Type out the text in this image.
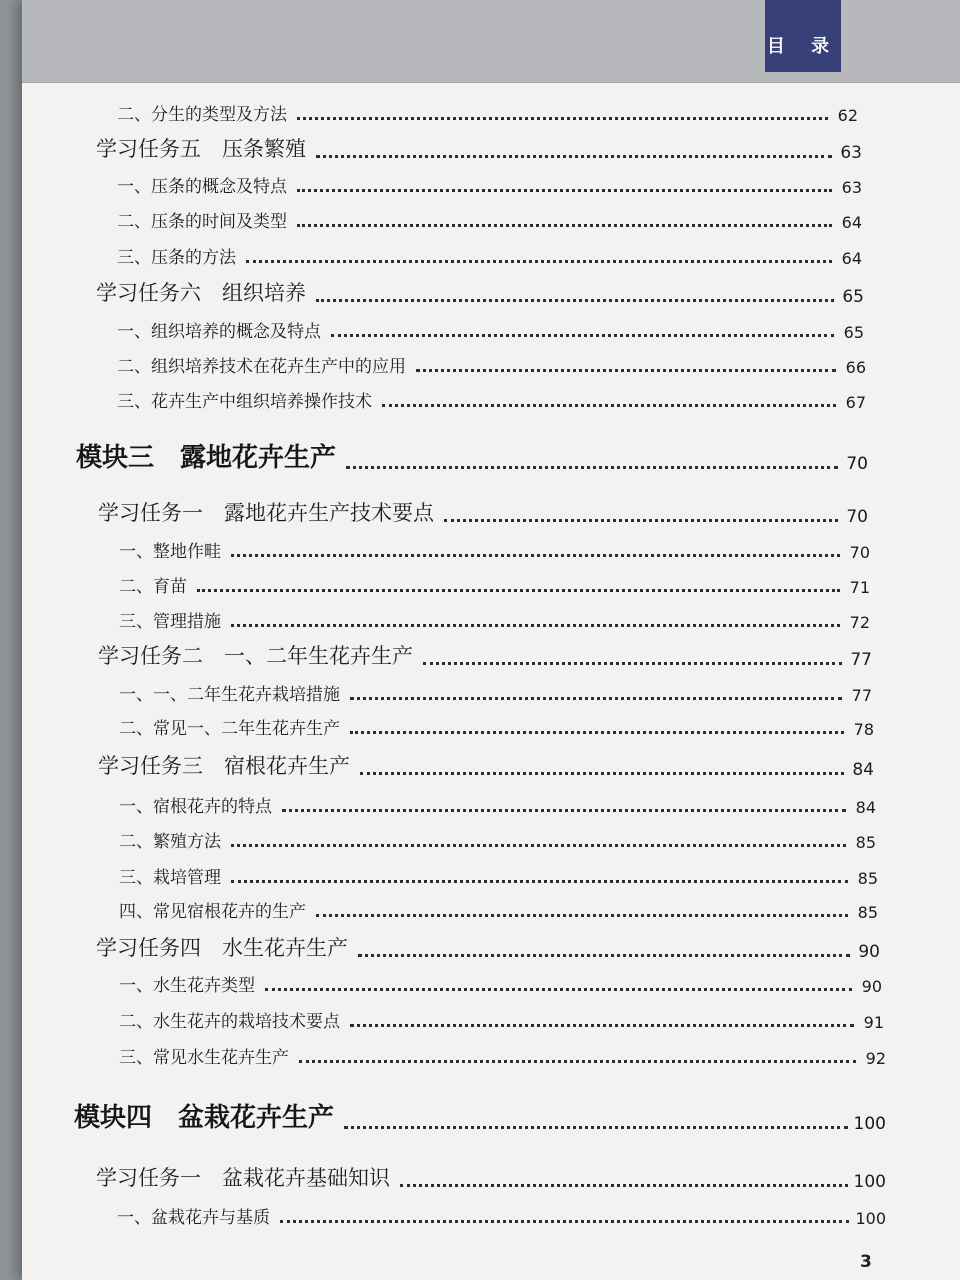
目 录
二、分生的类型及方法	62
学习任务五　压条繁殖	63
一、压条的概念及特点	63
二、压条的时间及类型	64
三、压条的方法	64
学习任务六　组织培养	65
一、组织培养的概念及特点	65
二、组织培养技术在花卉生产中的应用	66
三、花卉生产中组织培养操作技术	67
模块三　露地花卉生产	70
学习任务一　露地花卉生产技术要点	70
一、整地作畦	70
二、育苗	71
三、管理措施	72
学习任务二　一、二年生花卉生产	77
一、一、二年生花卉栽培措施	77
二、常见一、二年生花卉生产	78
学习任务三　宿根花卉生产	84
一、宿根花卉的特点	84
二、繁殖方法	85
三、栽培管理	85
四、常见宿根花卉的生产	85
学习任务四　水生花卉生产	90
一、水生花卉类型	90
二、水生花卉的栽培技术要点	91
三、常见水生花卉生产	92
模块四　盆栽花卉生产	100
学习任务一　盆栽花卉基础知识	100
一、盆栽花卉与基质	100
3
